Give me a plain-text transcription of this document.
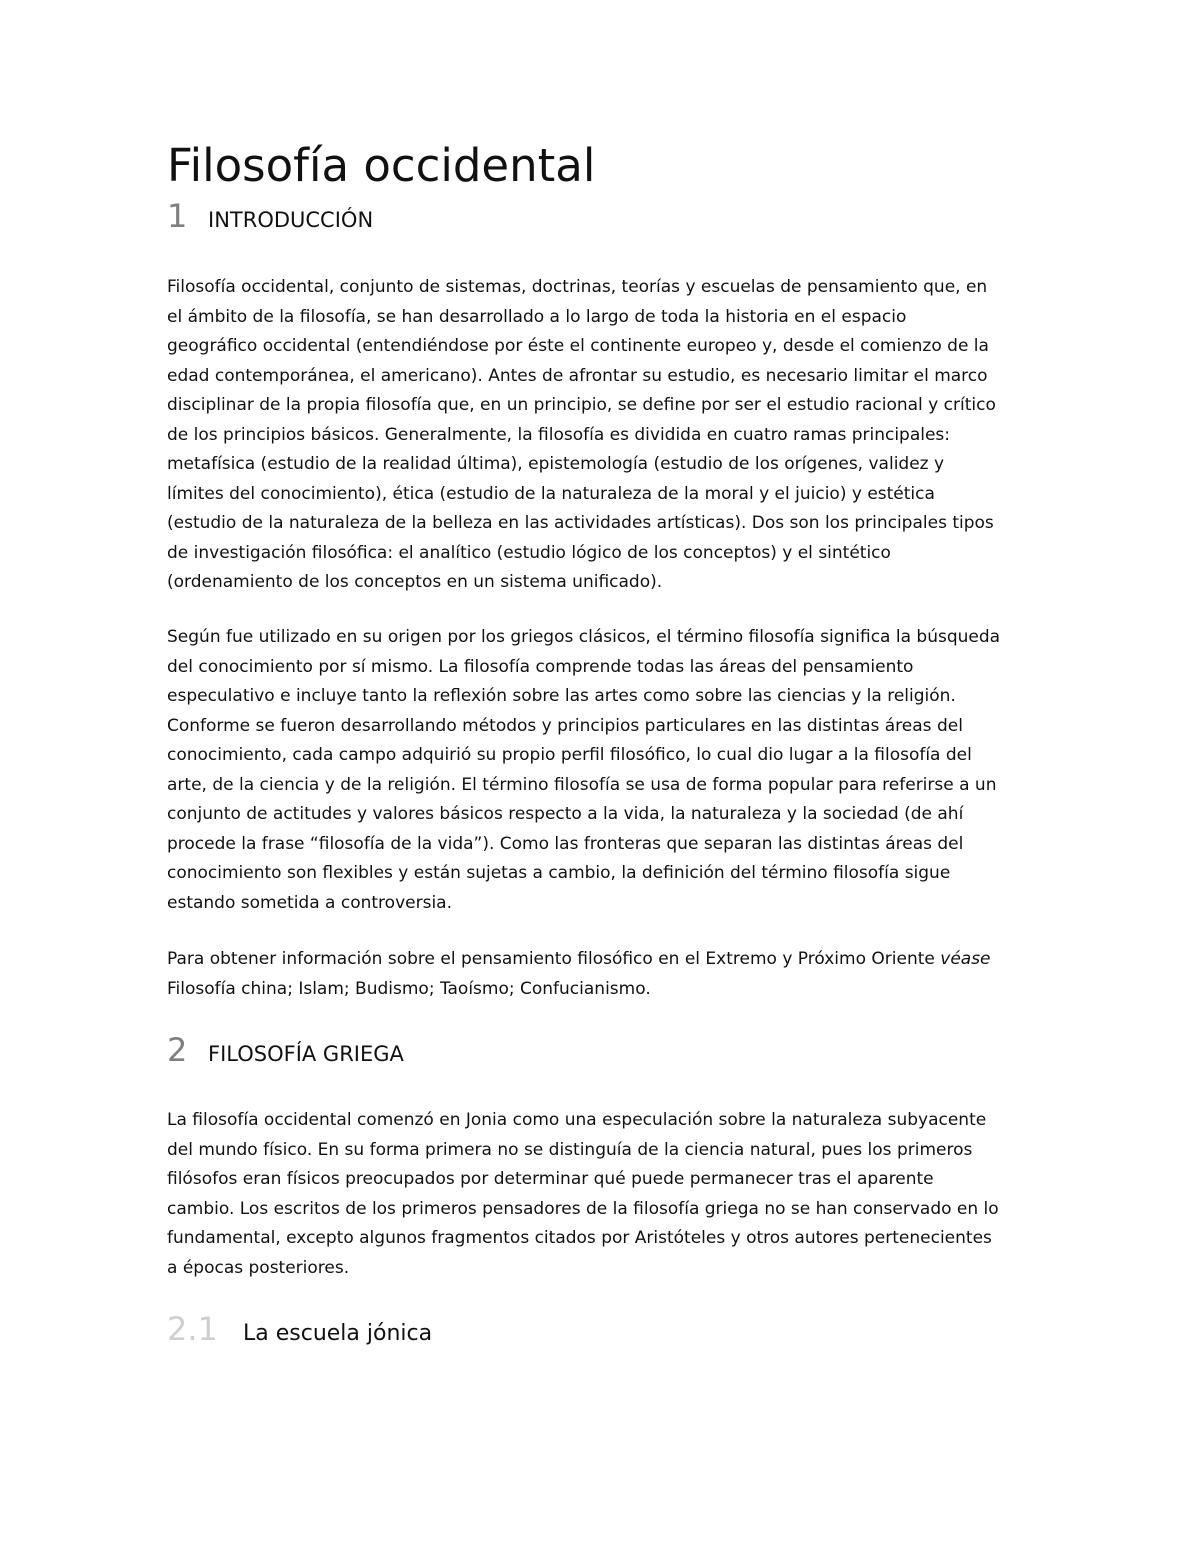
Filosofía occidental
1 INTRODUCCIÓN
Filosofía occidental, conjunto de sistemas, doctrinas, teorías y escuelas de pensamiento que, en
el ámbito de la filosofía, se han desarrollado a lo largo de toda la historia en el espacio
geográfico occidental (entendiéndose por éste el continente europeo y, desde el comienzo de la
edad contemporánea, el americano). Antes de afrontar su estudio, es necesario limitar el marco
disciplinar de la propia filosofía que, en un principio, se define por ser el estudio racional y crítico
de los principios básicos. Generalmente, la filosofía es dividida en cuatro ramas principales:
metafísica (estudio de la realidad última), epistemología (estudio de los orígenes, validez y
límites del conocimiento), ética (estudio de la naturaleza de la moral y el juicio) y estética
(estudio de la naturaleza de la belleza en las actividades artísticas). Dos son los principales tipos
de investigación filosófica: el analítico (estudio lógico de los conceptos) y el sintético
(ordenamiento de los conceptos en un sistema unificado).
Según fue utilizado en su origen por los griegos clásicos, el término filosofía significa la búsqueda
del conocimiento por sí mismo. La filosofía comprende todas las áreas del pensamiento
especulativo e incluye tanto la reflexión sobre las artes como sobre las ciencias y la religión.
Conforme se fueron desarrollando métodos y principios particulares en las distintas áreas del
conocimiento, cada campo adquirió su propio perfil filosófico, lo cual dio lugar a la filosofía del
arte, de la ciencia y de la religión. El término filosofía se usa de forma popular para referirse a un
conjunto de actitudes y valores básicos respecto a la vida, la naturaleza y la sociedad (de ahí
procede la frase “filosofía de la vida”). Como las fronteras que separan las distintas áreas del
conocimiento son flexibles y están sujetas a cambio, la definición del término filosofía sigue
estando sometida a controversia.
Para obtener información sobre el pensamiento filosófico en el Extremo y Próximo Oriente véase
Filosofía china; Islam; Budismo; Taoísmo; Confucianismo.
2 FILOSOFÍA GRIEGA
La filosofía occidental comenzó en Jonia como una especulación sobre la naturaleza subyacente
del mundo físico. En su forma primera no se distinguía de la ciencia natural, pues los primeros
filósofos eran físicos preocupados por determinar qué puede permanecer tras el aparente
cambio. Los escritos de los primeros pensadores de la filosofía griega no se han conservado en lo
fundamental, excepto algunos fragmentos citados por Aristóteles y otros autores pertenecientes
a épocas posteriores.
2.1	La escuela jónica
